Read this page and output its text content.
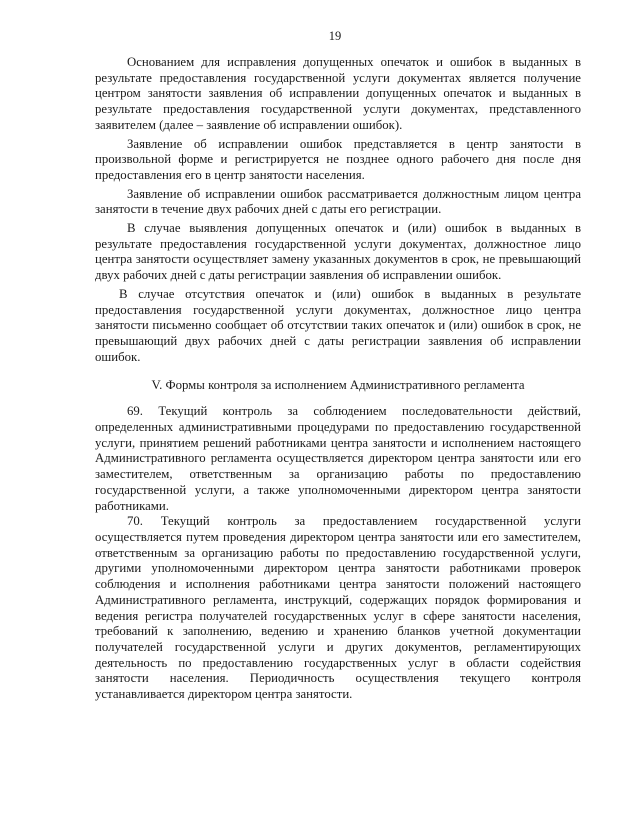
19

Основанием для исправления допущенных опечаток и ошибок в выданных в результате предоставления государственной услуги документах является получение центром занятости заявления об исправлении допущенных опечаток и выданных в результате предоставления государственной услуги документах, представленного заявителем (далее – заявление об исправлении ошибок).

Заявление об исправлении ошибок представляется в центр занятости в произвольной форме и регистрируется не позднее одного рабочего дня после дня предоставления его в центр занятости населения.

Заявление об исправлении ошибок рассматривается должностным лицом центра занятости в течение двух рабочих дней с даты его регистрации.

В случае выявления допущенных опечаток и (или) ошибок в выданных в результате предоставления государственной услуги документах, должностное лицо центра занятости осуществляет замену указанных документов в срок, не превышающий двух рабочих дней с даты регистрации заявления об исправлении ошибок.

В случае отсутствия опечаток и (или) ошибок в выданных в результате предоставления государственной услуги документах, должностное лицо центра занятости письменно сообщает об отсутствии таких опечаток и (или) ошибок в срок, не превышающий двух рабочих дней с даты регистрации заявления об исправлении ошибок.

V. Формы контроля за исполнением Административного регламента

69. Текущий контроль за соблюдением последовательности действий, определенных административными процедурами по предоставлению государственной услуги, принятием решений работниками центра занятости и исполнением настоящего Административного регламента осуществляется директором центра занятости или его заместителем, ответственным за организацию работы по предоставлению государственной услуги, а также уполномоченными директором центра занятости работниками.

70. Текущий контроль за предоставлением государственной услуги осуществляется путем проведения директором центра занятости или его заместителем, ответственным за организацию работы по предоставлению государственной услуги, другими уполномоченными директором центра занятости работниками проверок соблюдения и исполнения работниками центра занятости положений настоящего Административного регламента, инструкций, содержащих порядок формирования и ведения регистра получателей государственных услуг в сфере занятости населения, требований к заполнению, ведению и хранению бланков учетной документации получателей государственной услуги и других документов, регламентирующих деятельность по предоставлению государственных услуг в области содействия занятости населения. Периодичность осуществления текущего контроля устанавливается директором центра занятости.
